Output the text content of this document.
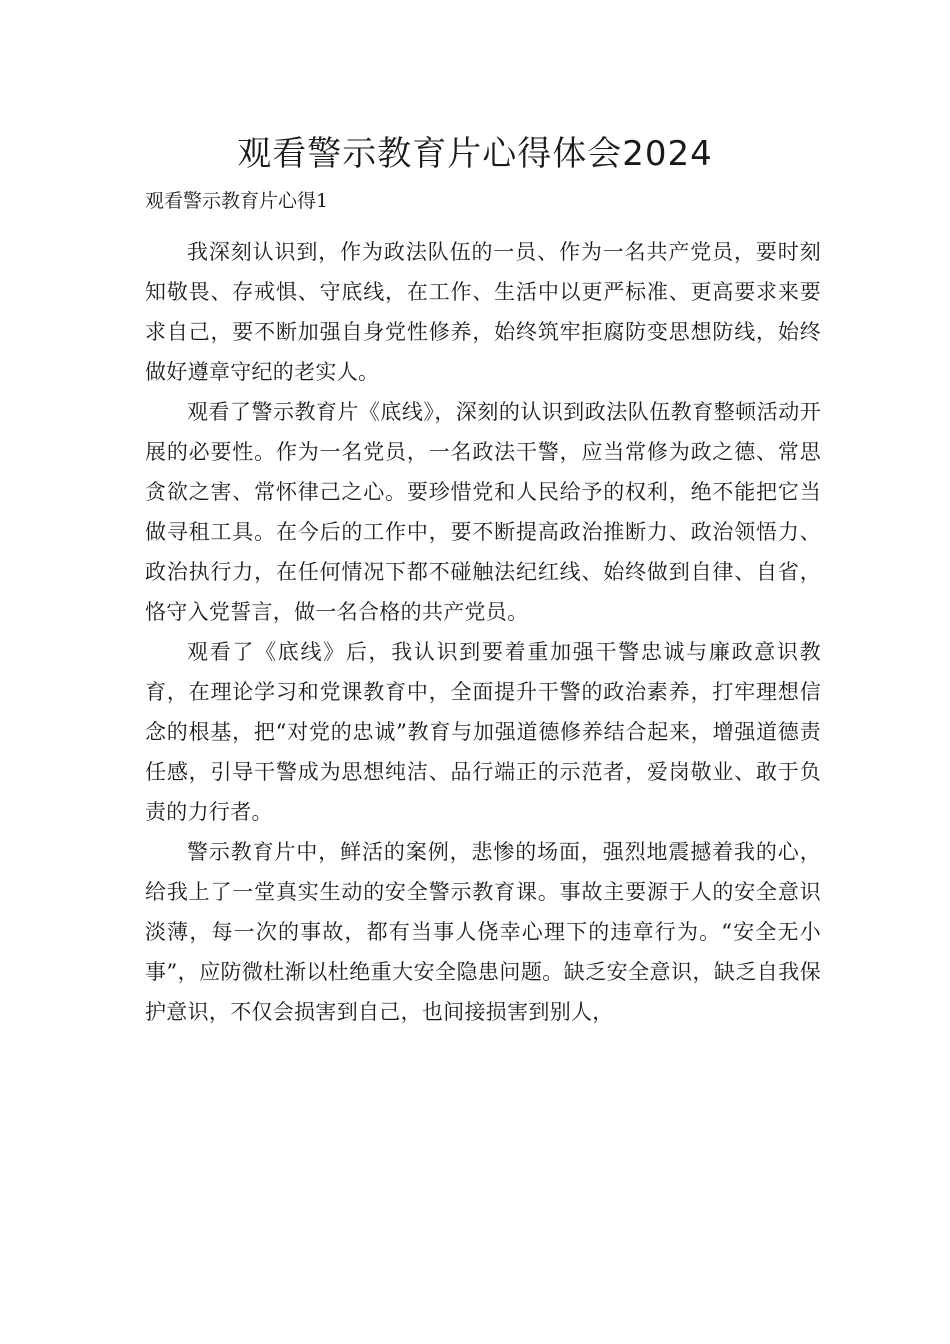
观看警示教育片心得体会2024
观看警示教育片心得1

我深刻认识到，作为政法队伍的一员、作为一名共产党员，要时刻知敬畏、存戒惧、守底线，在工作、生活中以更严标准、更高要求来要求自己，要不断加强自身党性修养，始终筑牢拒腐防变思想防线，始终做好遵章守纪的老实人。

观看了警示教育片《底线》，深刻的认识到政法队伍教育整顿活动开展的必要性。作为一名党员，一名政法干警，应当常修为政之德、常思贪欲之害、常怀律己之心。要珍惜党和人民给予的权利，绝不能把它当做寻租工具。在今后的工作中，要不断提高政治推断力、政治领悟力、政治执行力，在任何情况下都不碰触法纪红线、始终做到自律、自省，恪守入党誓言，做一名合格的共产党员。

观看了《底线》后，我认识到要着重加强干警忠诚与廉政意识教育，在理论学习和党课教育中，全面提升干警的政治素养，打牢理想信念的根基，把“对党的忠诚”教育与加强道德修养结合起来，增强道德责任感，引导干警成为思想纯洁、品行端正的示范者，爱岗敬业、敢于负责的力行者。

警示教育片中，鲜活的案例，悲惨的场面，强烈地震撼着我的心，给我上了一堂真实生动的安全警示教育课。事故主要源于人的安全意识淡薄，每一次的事故，都有当事人侥幸心理下的违章行为。“安全无小事”，应防微杜渐以杜绝重大安全隐患问题。缺乏安全意识，缺乏自我保护意识，不仅会损害到自己，也间接损害到别人，
